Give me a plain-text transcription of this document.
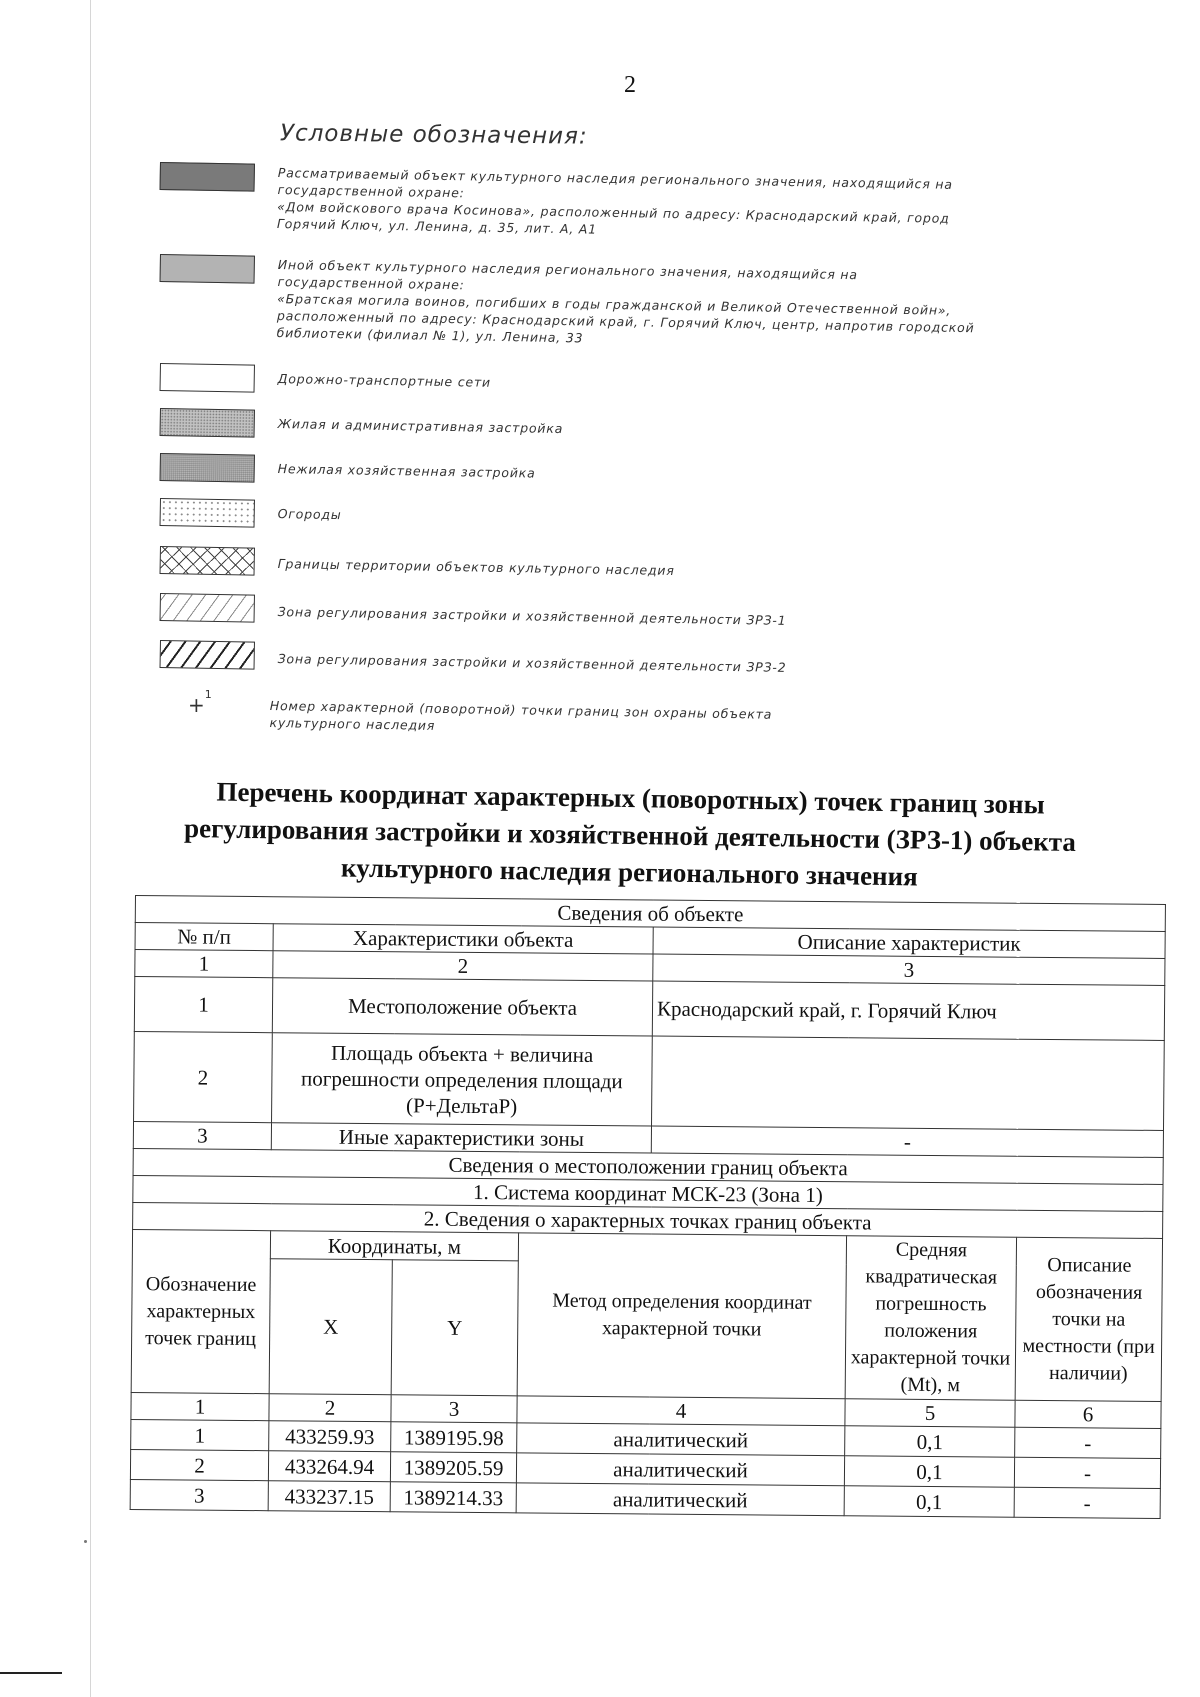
2
Условные обозначения:
Рассматриваемый объект культурного наследия регионального значения, находящийся на государственной охране:
«Дом войскового врача Косинова», расположенный по адресу: Краснодарский край, город Горячий Ключ, ул. Ленина, д. 35, лит. А, А1
Иной объект культурного наследия регионального значения, находящийся на государственной охране:
«Братская могила воинов, погибших в годы гражданской и Великой Отечественной войн», расположенный по адресу: Краснодарский край, г. Горячий Ключ, центр, напротив городской библиотеки (филиал № 1), ул. Ленина, 33
Дорожно-транспортные сети
Жилая и административная застройка
Нежилая хозяйственная застройка
Огороды
Границы территории объектов культурного наследия
Зона регулирования застройки и хозяйственной деятельности ЗРЗ-1
Зона регулирования застройки и хозяйственной деятельности ЗРЗ-2
+$^1$
Номер характерной (поворотной) точки границ зон охраны объекта культурного наследия
Перечень координат характерных (поворотных) точек границ зоны регулирования застройки и хозяйственной деятельности (ЗРЗ-1) объекта культурного наследия регионального значения
Сведения об объекте						
№ п/п	Характеристики объекта			Описание характеристик		
1	2			3		
1	Местоположение объекта			Краснодарский край, г. Горячий Ключ		
2	Площадь объекта + величина погрешности определения площади (P+ДельтаP)					
3	Иные характеристики зоны			-		
Сведения о местоположении границ объекта						
1. Система координат МСК-23 (Зона 1)						
2. Сведения о характерных точках границ объекта						
Обозначение характерных точек границ	Координаты, м		Метод определения координат характерной точки		Средняя квадратическая погрешность положения характерной точки (Mt), м	Описание обозначения точки на местности (при наличии)
	X	Y				
1	2	3	4		5	6
1	433259.93	1389195.98	аналитический		0,1	-
2	433264.94	1389205.59	аналитический		0,1	-
3	433237.15	1389214.33	аналитический		0,1	-
